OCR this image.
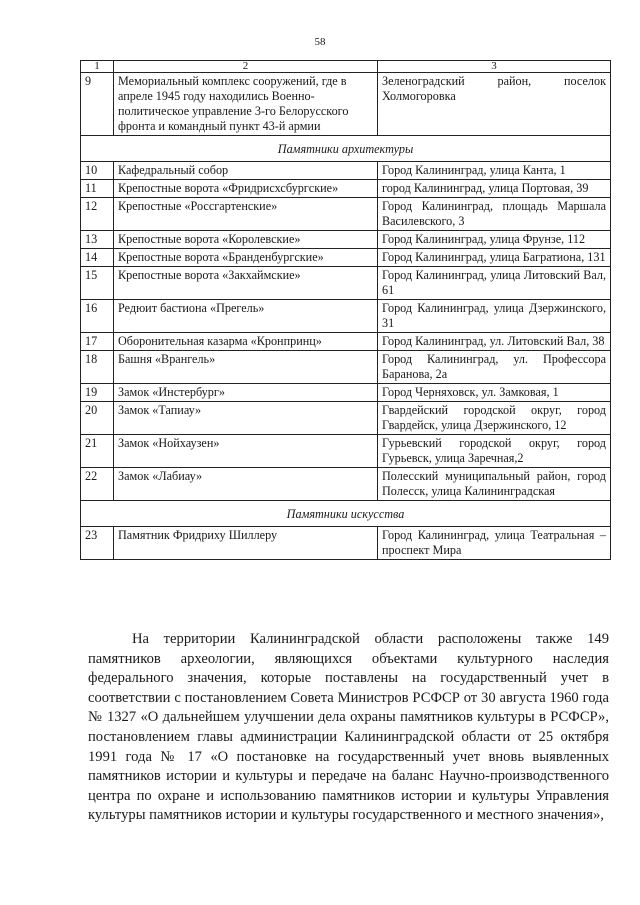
58
1	2	3
9	Мемориальный комплекс сооружений, где в апреле 1945 году находились Военно-политическое управление 3-го Белорусского фронта и командный пункт 43-й армии	Зеленоградский район, поселок Холмогоровка
Памятники архитектуры		
10	Кафедральный собор	Город Калининград, улица Канта, 1
11	Крепостные ворота «Фридрисхсбургские»	город Калининград, улица Портовая, 39
12	Крепостные «Россгартенские»	Город Калининград, площадь Маршала Василевского, 3
13	Крепостные ворота «Королевские»	Город Калининград, улица Фрунзе, 112
14	Крепостные ворота «Бранденбургские»	Город Калининград, улица Багратиона, 131
15	Крепостные ворота «Закхаймские»	Город Калининград, улица Литовский Вал, 61
16	Редюит бастиона «Прегель»	Город Калининград, улица Дзержинского, 31
17	Оборонительная казарма «Кронпринц»	Город Калининград, ул. Литовский Вал, 38
18	Башня «Врангель»	Город Калининград, ул. Профессора Баранова, 2а
19	Замок «Инстербург»	Город Черняховск, ул. Замковая, 1
20	Замок «Тапиау»	Гвардейский городской округ, город Гвардейск, улица Дзержинского, 12
21	Замок «Нойхаузен»	Гурьевский городской округ, город Гурьевск, улица Заречная,2
22	Замок «Лабиау»	Полесский муниципальный район, город Полесск, улица Калининградская
Памятники искусства		
23	Памятник Фридриху Шиллеру	Город Калининград, улица Театральная – проспект Мира

На территории Калининградской области расположены также 149 памятников археологии, являющихся объектами культурного наследия федерального значения, которые поставлены на государственный учет в соответствии с постановлением Совета Министров РСФСР от 30 августа 1960 года № 1327 «О дальнейшем улучшении дела охраны памятников культуры в РСФСР», постановлением главы администрации Калининградской области от 25 октября 1991 года № 17 «О постановке на государственный учет вновь выявленных памятников истории и культуры и передаче на баланс Научно-производственного центра по охране и использованию памятников истории и культуры Управления культуры памятников истории и культуры государственного и местного значения»,
